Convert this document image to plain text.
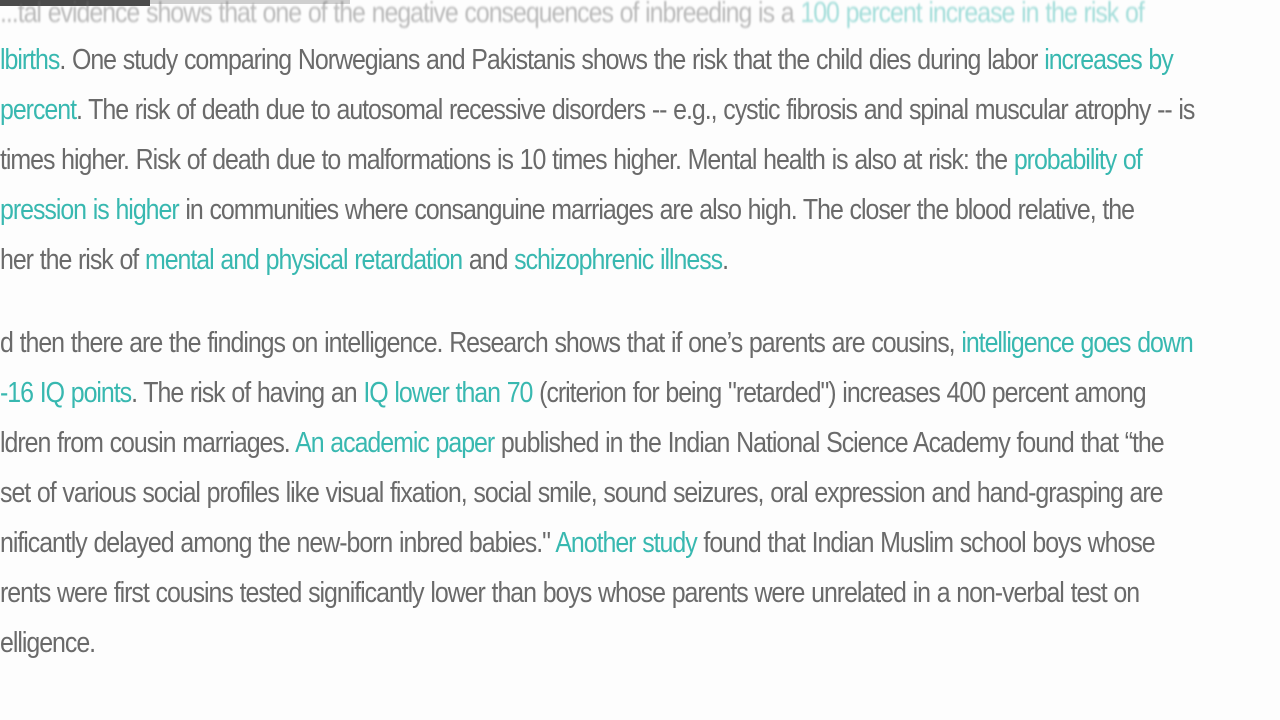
...tal evidence shows that one of the negative consequences of inbreeding is a 100 percent increase in the risk of
lbirths. One study comparing Norwegians and Pakistanis shows the risk that the child dies during labor increases by
percent. The risk of death due to autosomal recessive disorders -- e.g., cystic fibrosis and spinal muscular atrophy -- is
times higher. Risk of death due to malformations is 10 times higher. Mental health is also at risk: the probability of
pression is higher in communities where consanguine marriages are also high. The closer the blood relative, the
her the risk of mental and physical retardation and schizophrenic illness.
d then there are the findings on intelligence. Research shows that if one’s parents are cousins, intelligence goes down
-16 IQ points. The risk of having an IQ lower than 70 (criterion for being "retarded") increases 400 percent among
ldren from cousin marriages. An academic paper published in the Indian National Science Academy found that “the
set of various social profiles like visual fixation, social smile, sound seizures, oral expression and hand-grasping are
nificantly delayed among the new-born inbred babies." Another study found that Indian Muslim school boys whose
rents were first cousins tested significantly lower than boys whose parents were unrelated in a non-verbal test on
elligence.
